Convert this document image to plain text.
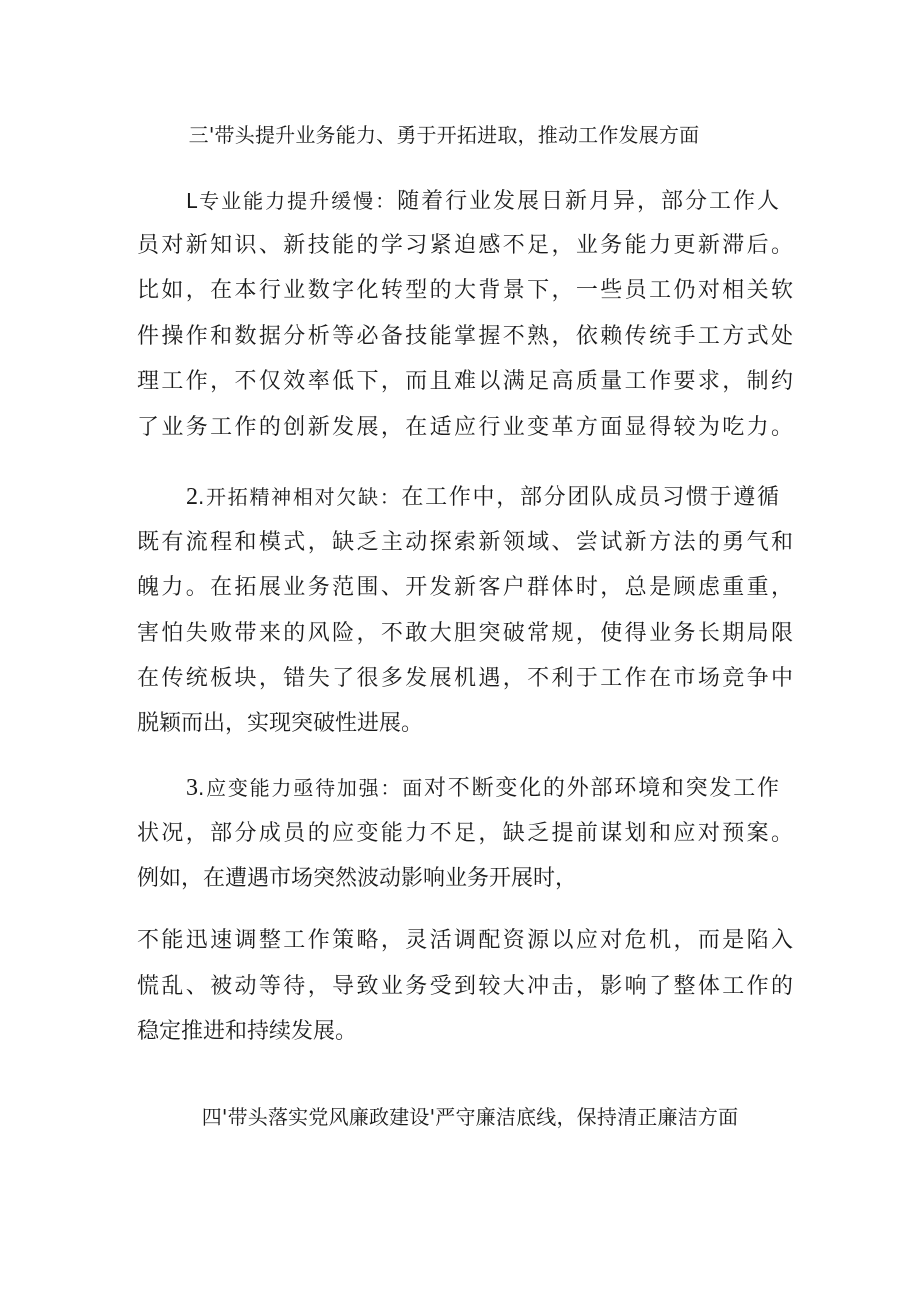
三'带头提升业务能力、勇于开拓进取，推动工作发展方面
L专业能力提升缓慢：随着行业发展日新月异，部分工作人
员对新知识、新技能的学习紧迫感不足，业务能力更新滞后。
比如，在本行业数字化转型的大背景下，一些员工仍对相关软
件操作和数据分析等必备技能掌握不熟，依赖传统手工方式处
理工作，不仅效率低下，而且难以满足高质量工作要求，制约
了业务工作的创新发展，在适应行业变革方面显得较为吃力。
2.开拓精神相对欠缺：在工作中，部分团队成员习惯于遵循
既有流程和模式，缺乏主动探索新领域、尝试新方法的勇气和
魄力。在拓展业务范围、开发新客户群体时，总是顾虑重重，
害怕失败带来的风险，不敢大胆突破常规，使得业务长期局限
在传统板块，错失了很多发展机遇，不利于工作在市场竞争中
脱颖而出，实现突破性进展。
3.应变能力亟待加强：面对不断变化的外部环境和突发工作
状况，部分成员的应变能力不足，缺乏提前谋划和应对预案。
例如，在遭遇市场突然波动影响业务开展时，
不能迅速调整工作策略，灵活调配资源以应对危机，而是陷入
慌乱、被动等待，导致业务受到较大冲击，影响了整体工作的
稳定推进和持续发展。
四'带头落实党风廉政建设'严守廉洁底线，保持清正廉洁方面
